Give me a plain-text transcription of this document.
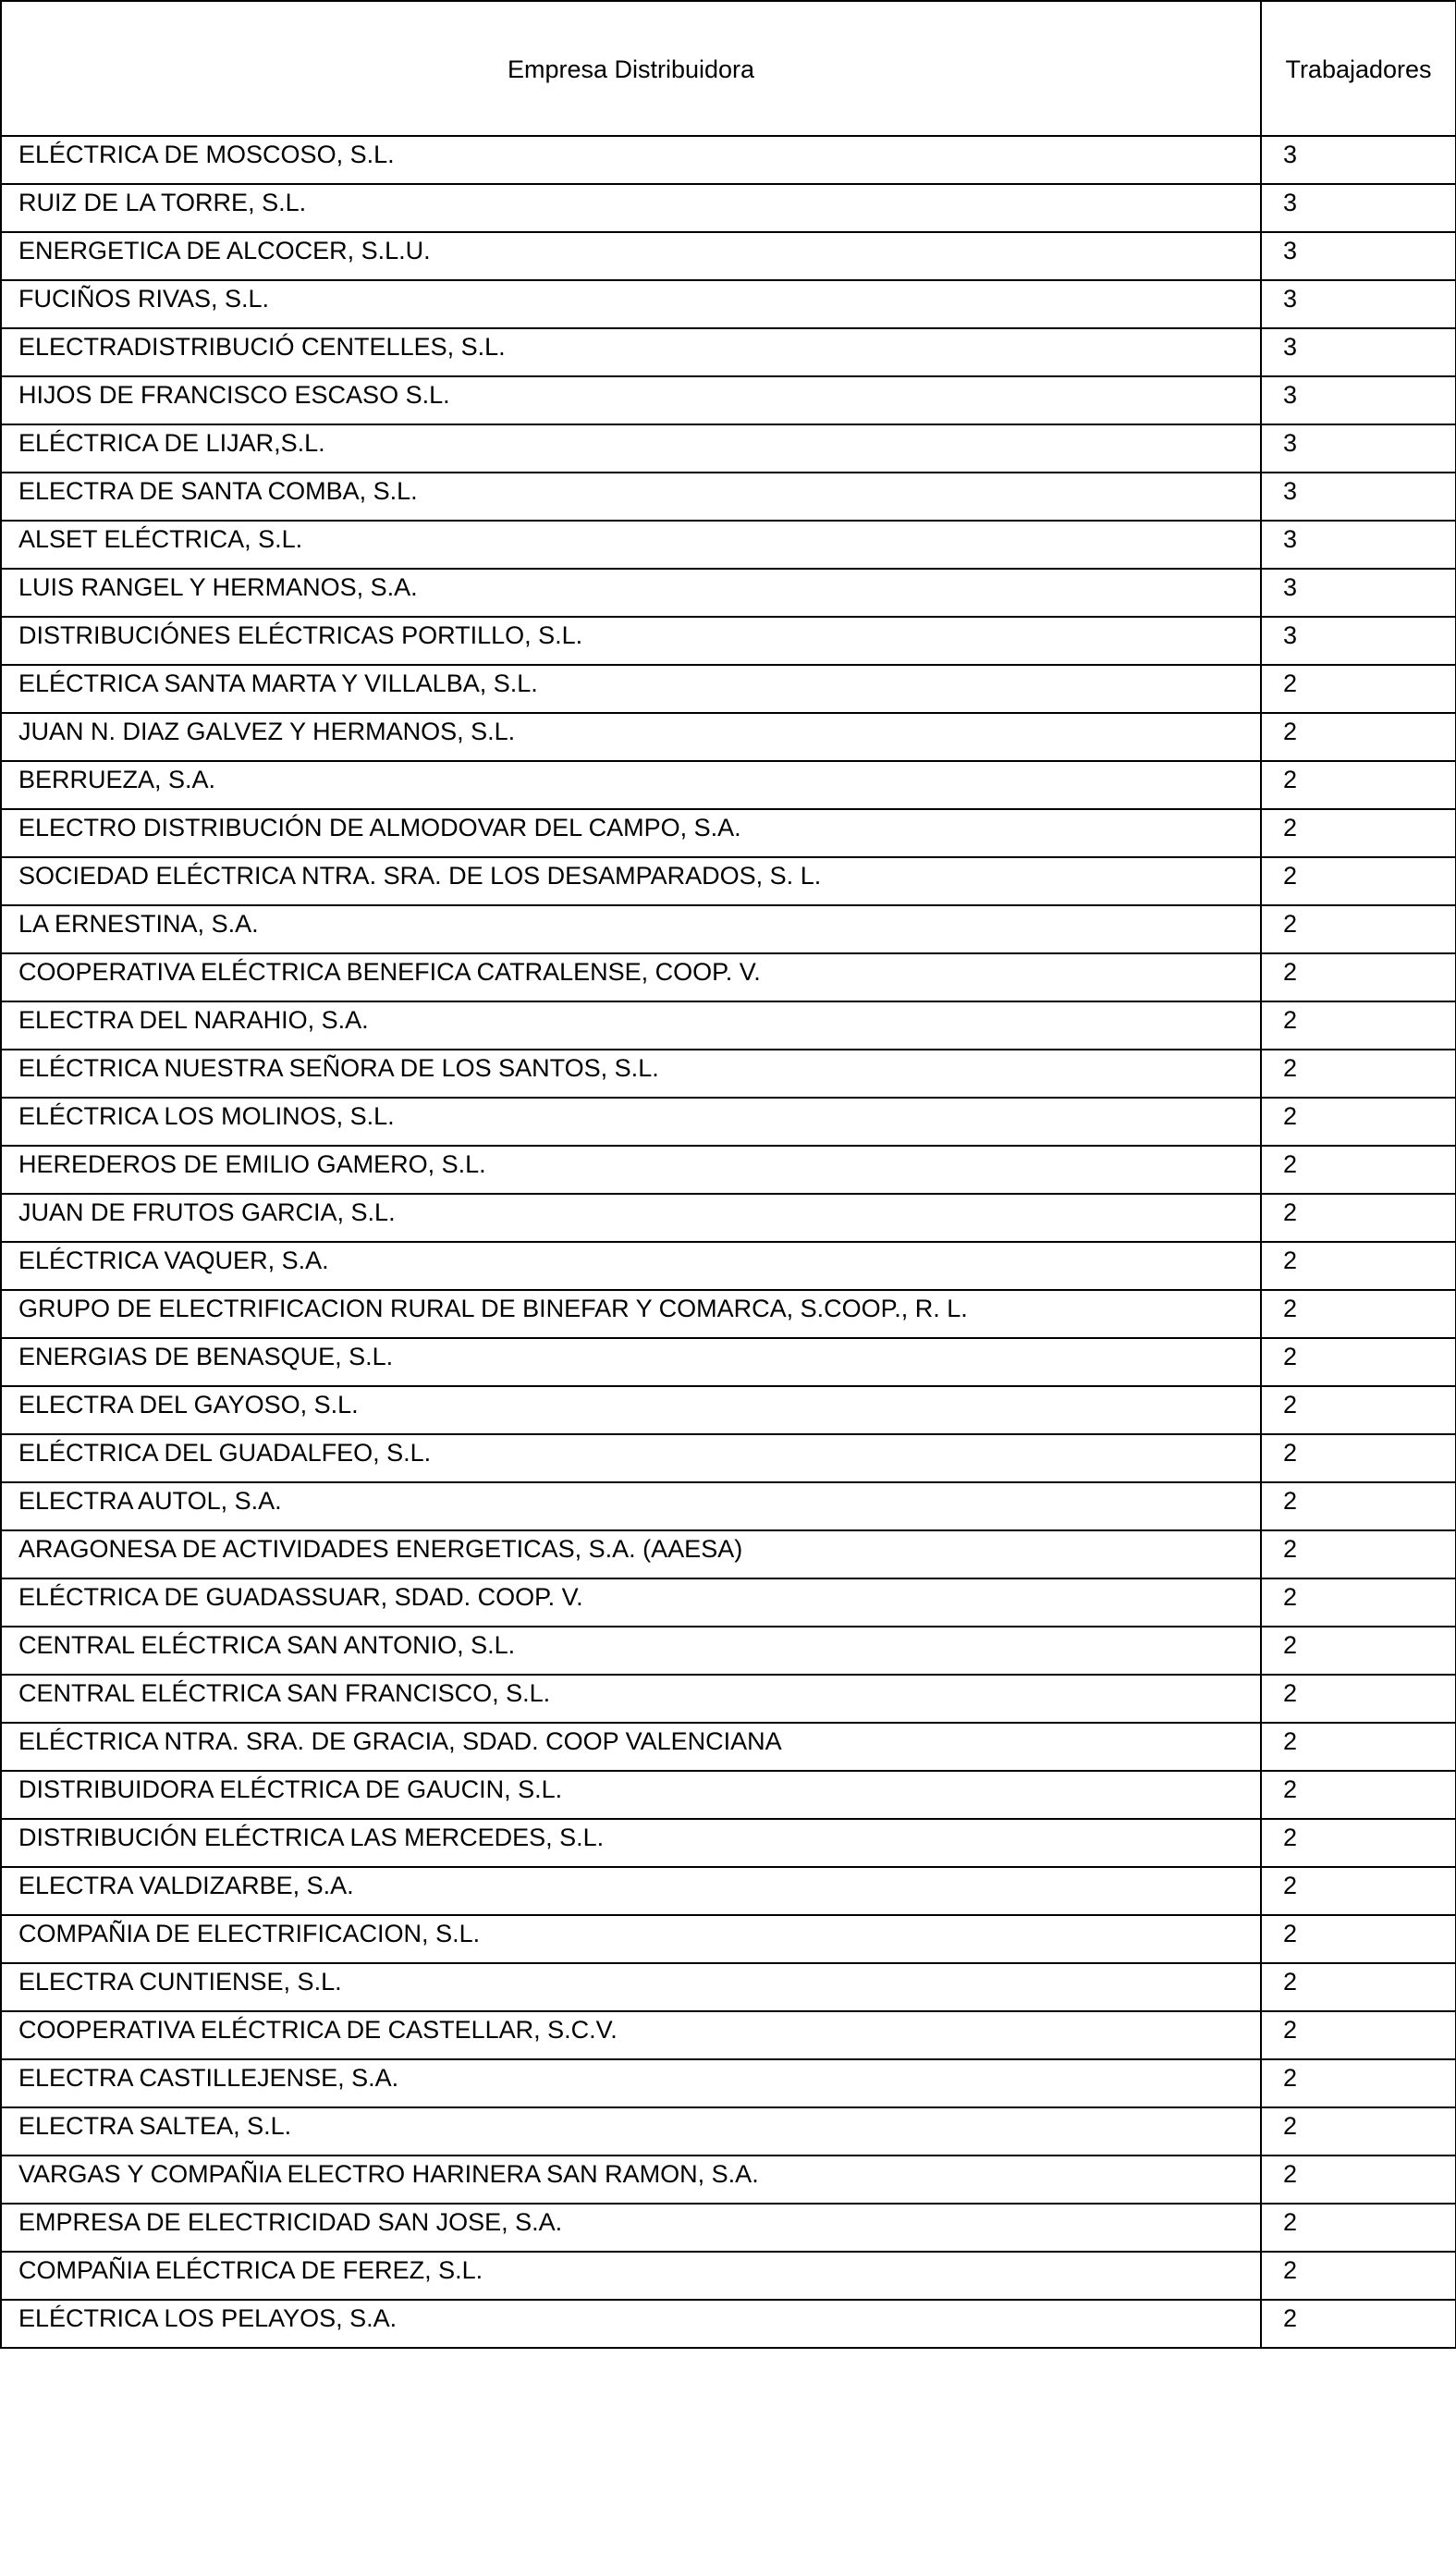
Empresa Distribuidora	Trabajadores
ELÉCTRICA DE MOSCOSO, S.L.	3
RUIZ DE LA TORRE, S.L.	3
ENERGETICA DE ALCOCER, S.L.U.	3
FUCIÑOS RIVAS, S.L.	3
ELECTRADISTRIBUCIÓ CENTELLES, S.L.	3
HIJOS DE FRANCISCO ESCASO S.L.	3
ELÉCTRICA DE LIJAR,S.L.	3
ELECTRA DE SANTA COMBA, S.L.	3
ALSET ELÉCTRICA, S.L.	3
LUIS RANGEL Y HERMANOS, S.A.	3
DISTRIBUCIÓNES ELÉCTRICAS PORTILLO, S.L.	3
ELÉCTRICA SANTA MARTA Y VILLALBA, S.L.	2
JUAN N. DIAZ GALVEZ Y HERMANOS, S.L.	2
BERRUEZA, S.A.	2
ELECTRO DISTRIBUCIÓN DE ALMODOVAR DEL CAMPO, S.A.	2
SOCIEDAD ELÉCTRICA NTRA. SRA. DE LOS DESAMPARADOS, S. L.	2
LA ERNESTINA, S.A.	2
COOPERATIVA ELÉCTRICA BENEFICA CATRALENSE, COOP. V.	2
ELECTRA DEL NARAHIO, S.A.	2
ELÉCTRICA NUESTRA SEÑORA DE LOS SANTOS, S.L.	2
ELÉCTRICA LOS MOLINOS, S.L.	2
HEREDEROS DE EMILIO GAMERO, S.L.	2
JUAN DE FRUTOS GARCIA, S.L.	2
ELÉCTRICA VAQUER, S.A.	2
GRUPO DE ELECTRIFICACION RURAL DE BINEFAR Y COMARCA, S.COOP., R. L.	2
ENERGIAS DE BENASQUE, S.L.	2
ELECTRA DEL GAYOSO, S.L.	2
ELÉCTRICA DEL GUADALFEO, S.L.	2
ELECTRA AUTOL, S.A.	2
ARAGONESA DE ACTIVIDADES ENERGETICAS, S.A. (AAESA)	2
ELÉCTRICA DE GUADASSUAR, SDAD. COOP. V.	2
CENTRAL ELÉCTRICA SAN ANTONIO, S.L.	2
CENTRAL ELÉCTRICA SAN FRANCISCO, S.L.	2
ELÉCTRICA NTRA. SRA. DE GRACIA, SDAD. COOP VALENCIANA	2
DISTRIBUIDORA ELÉCTRICA DE GAUCIN, S.L.	2
DISTRIBUCIÓN ELÉCTRICA LAS MERCEDES, S.L.	2
ELECTRA VALDIZARBE, S.A.	2
COMPAÑIA DE ELECTRIFICACION, S.L.	2
ELECTRA CUNTIENSE, S.L.	2
COOPERATIVA ELÉCTRICA DE CASTELLAR, S.C.V.	2
ELECTRA CASTILLEJENSE, S.A.	2
ELECTRA SALTEA, S.L.	2
VARGAS Y COMPAÑIA ELECTRO HARINERA SAN RAMON, S.A.	2
EMPRESA DE ELECTRICIDAD SAN JOSE, S.A.	2
COMPAÑIA ELÉCTRICA DE FEREZ, S.L.	2
ELÉCTRICA LOS PELAYOS, S.A.	2
